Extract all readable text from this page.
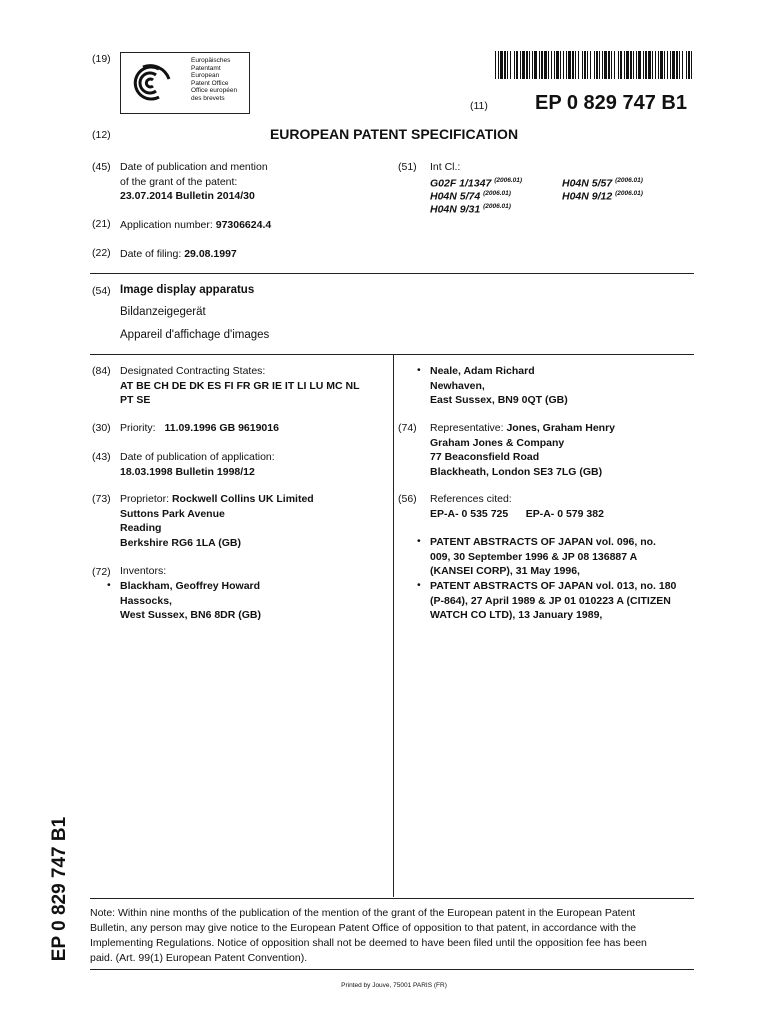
(19)	Europäisches
Patentamt
European
Patent Office
Office européen
des brevets
(11) EP 0 829 747 B1
(12)	EUROPEAN PATENT SPECIFICATION
(45) Date of publication and mention
of the grant of the patent:
23.07.2014 Bulletin 2014/30
(51) Int Cl.:
G02F 1/1347 $^{(2006.01)}$	H04N 5/57 $^{(2006.01)}$
H04N 5/74 $^{(2006.01)}$	H04N 9/12 $^{(2006.01)}$
H04N 9/31 $^{(2006.01)}$
(21) Application number: 97306624.4
(22) Date of filing: 29.08.1997
(54) Image display apparatus
Bildanzeigegerät
Appareil d'affichage d'images
(84) Designated Contracting States:
AT BE CH DE DK ES FI FR GR IE IT LI LU MC NL
PT SE
(30) Priority: 11.09.1996 GB 9619016
(43) Date of publication of application:
18.03.1998 Bulletin 1998/12
(73) Proprietor: Rockwell Collins UK Limited
Suttons Park Avenue
Reading
Berkshire RG6 1LA (GB)
(72) Inventors:
• Blackham, Geoffrey Howard
Hassocks,
West Sussex, BN6 8DR (GB)
• Neale, Adam Richard
Newhaven,
East Sussex, BN9 0QT (GB)
(74) Representative: Jones, Graham Henry
Graham Jones & Company
77 Beaconsfield Road
Blackheath, London SE3 7LG (GB)
(56) References cited:
EP-A- 0 535 725      EP-A- 0 579 382
• PATENT ABSTRACTS OF JAPAN vol. 096, no.
009, 30 September 1996 & JP 08 136887 A
(KANSEI CORP), 31 May 1996,
• PATENT ABSTRACTS OF JAPAN vol. 013, no. 180
(P-864), 27 April 1989 & JP 01 010223 A (CITIZEN
WATCH CO LTD), 13 January 1989,
EP 0 829 747 B1 Note: Within nine months of the publication of the mention of the grant of the European patent in the European Patent
Bulletin, any person may give notice to the European Patent Office of opposition to that patent, in accordance with the
Implementing Regulations. Notice of opposition shall not be deemed to have been filed until the opposition fee has been
paid. (Art. 99(1) European Patent Convention).
Printed by Jouve, 75001 PARIS (FR)
